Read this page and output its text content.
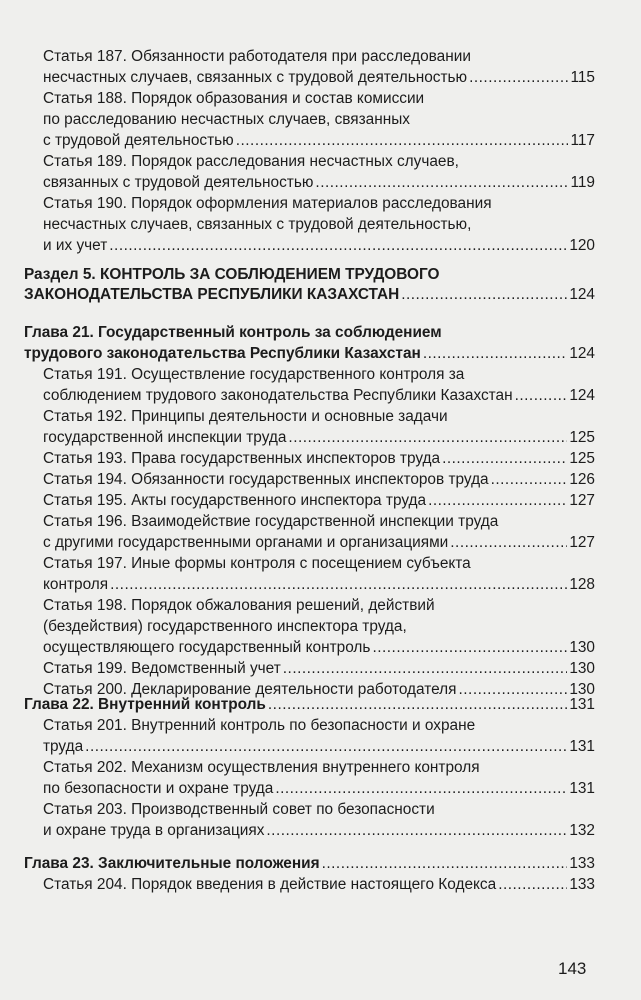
Статья 187. Обязанности работодателя при расследовании
несчастных случаев, связанных с трудовой деятельностью .....	115
Статья 188. Порядок образования и состав комиссии
по расследованию несчастных случаев, связанных
с трудовой деятельностью .....	117
Статья 189. Порядок расследования несчастных случаев,
связанных с трудовой деятельностью .....	119
Статья 190. Порядок оформления материалов расследования
несчастных случаев, связанных с трудовой деятельностью,
и их учет .....	120
Раздел 5. КОНТРОЛЬ ЗА СОБЛЮДЕНИЕМ ТРУДОВОГО
ЗАКОНОДАТЕЛЬСТВА РЕСПУБЛИКИ КАЗАХСТАН .....	124
Глава 21. Государственный контроль за соблюдением
трудового законодательства Республики Казахстан .....	124
Статья 191. Осуществление государственного контроля за
соблюдением трудового законодательства Республики Казахстан .....	124
Статья 192. Принципы деятельности и основные задачи
государственной инспекции труда .....	125
Статья 193. Права государственных инспекторов труда .....	125
Статья 194. Обязанности государственных инспекторов труда .....	126
Статья 195. Акты государственного инспектора труда .....	127
Статья 196. Взаимодействие государственной инспекции труда
с другими государственными органами и организациями .....	127
Статья 197. Иные формы контроля с посещением субъекта
контроля .....	128
Статья 198. Порядок обжалования решений, действий
(бездействия) государственного инспектора труда,
осуществляющего государственный контроль .....	130
Статья 199. Ведомственный учет .....	130
Статья 200. Декларирование деятельности работодателя .....	130
Глава 22. Внутренний контроль .....	131
Статья 201. Внутренний контроль по безопасности и охране
труда .....	131
Статья 202. Механизм осуществления внутреннего контроля
по безопасности и охране труда .....	131
Статья 203. Производственный совет по безопасности
и охране труда в организациях .....	132
Глава 23. Заключительные положения .....	133
Статья 204. Порядок введения в действие настоящего Кодекса .....	133
143
